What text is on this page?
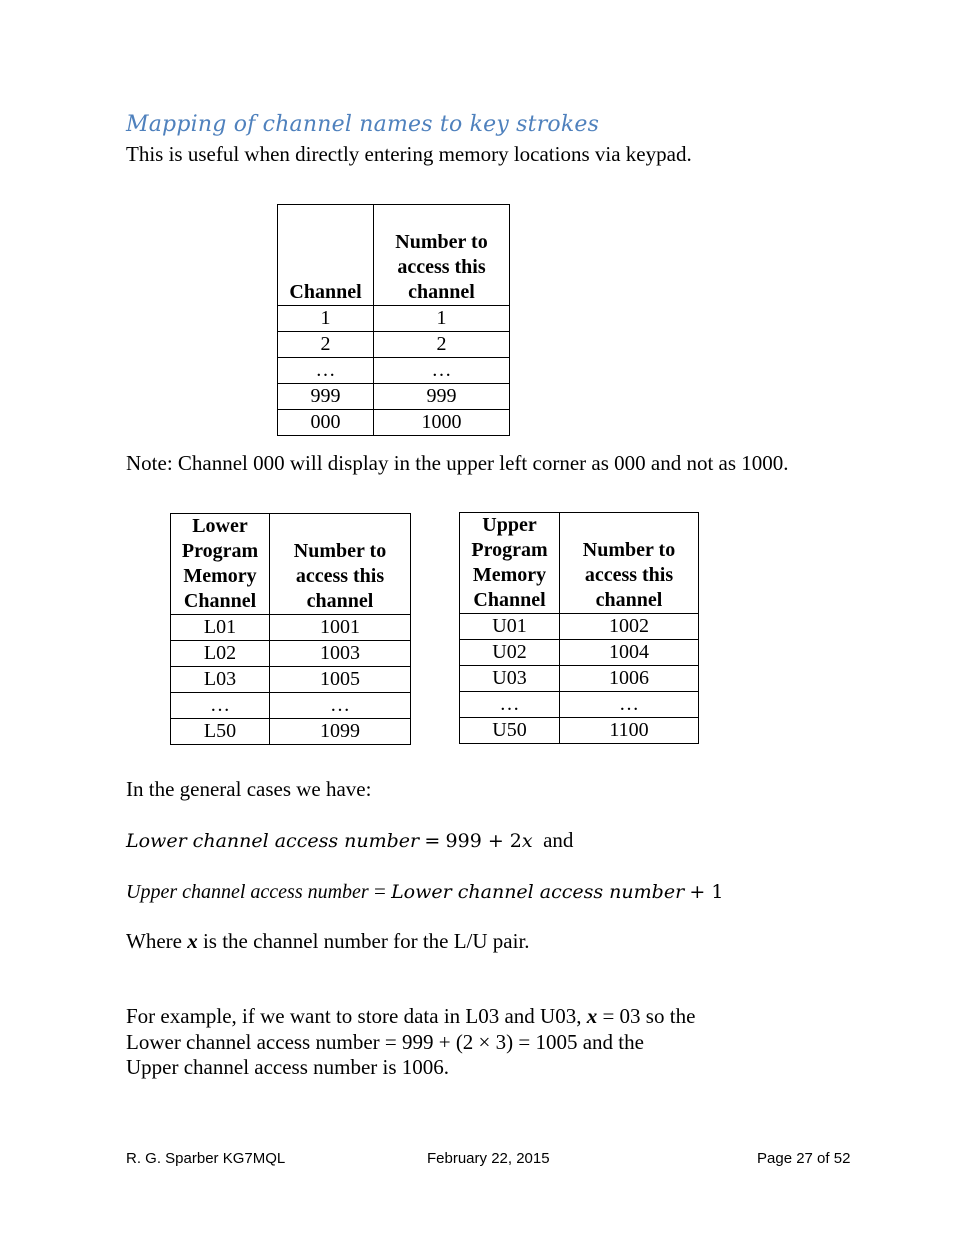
Mapping of channel names to key strokes
This is useful when directly entering memory locations via keypad.
Channel	Number to access this channel
1	1
2	2
…	…
999	999
000	1000
Note: Channel 000 will display in the upper left corner as 000 and not as 1000.
Lower Program Memory Channel	Number to access this channel
L01	1001
L02	1003
L03	1005
…	…
L50	1099
Upper Program Memory Channel	Number to access this channel
U01	1002
U02	1004
U03	1006
…	…
U50	1100
In the general cases we have:
Lower channel access number = 999 + 2x and
Upper channel access number = Lower channel access number + 1
Where x is the channel number for the L/U pair.
For example, if we want to store data in L03 and U03, x = 03 so the
Lower channel access number = 999 + (2 × 3) = 1005 and the
Upper channel access number is 1006.
R. G. Sparber KG7MQL	February 22, 2015	Page 27 of 52
